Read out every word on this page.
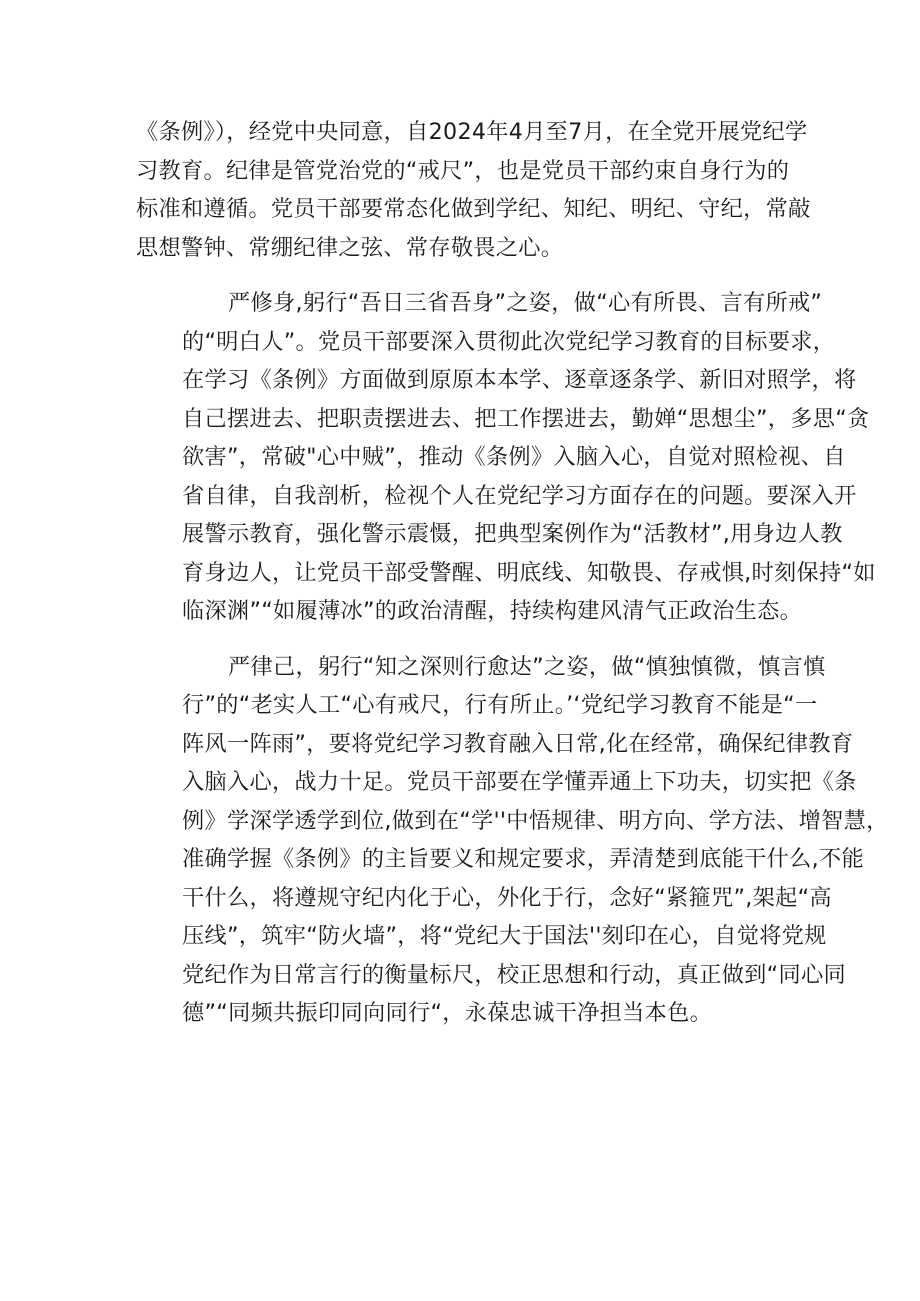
《条例》），经党中央同意，自2024年4月至7月，在全党开展党纪学
习教育。纪律是管党治党的“戒尺”，也是党员干部约束自身行为的
标准和遵循。党员干部要常态化做到学纪、知纪、明纪、守纪，常敲
思想警钟、常绷纪律之弦、常存敬畏之心。

严修身,躬行“吾日三省吾身”之姿，做“心有所畏、言有所戒”
的“明白人”。党员干部要深入贯彻此次党纪学习教育的目标要求，
在学习《条例》方面做到原原本本学、逐章逐条学、新旧对照学，将
自己摆进去、把职责摆进去、把工作摆进去，勤婵“思想尘”，多思“贪
欲害”，常破"心中贼”，推动《条例》入脑入心，自觉对照检视、自
省自律，自我剖析，检视个人在党纪学习方面存在的问题。要深入开
展警示教育，强化警示震慑，把典型案例作为“活教材”,用身边人教
育身边人，让党员干部受警醒、明底线、知敬畏、存戒惧,时刻保持“如
临深渊”“如履薄冰”的政治清醒，持续构建风清气正政治生态。

严律己，躬行“知之深则行愈达”之姿，做“慎独慎微，慎言慎
行”的“老实人工“心有戒尺，行有所止。’‘党纪学习教育不能是“一
阵风一阵雨”，要将党纪学习教育融入日常,化在经常，确保纪律教育
入脑入心，战力十足。党员干部要在学懂弄通上下功夫，切实把《条
例》学深学透学到位,做到在“学''中悟规律、明方向、学方法、增智慧，
准确学握《条例》的主旨要义和规定要求，弄清楚到底能干什么,不能
干什么，将遵规守纪内化于心，外化于行，念好“紧箍咒”,架起“高
压线”，筑牢“防火墙”，将“党纪大于国法''刻印在心，自觉将党规
党纪作为日常言行的衡量标尺，校正思想和行动，真正做到“同心同
德”“同频共振印同向同行“，永葆忠诚干净担当本色。
